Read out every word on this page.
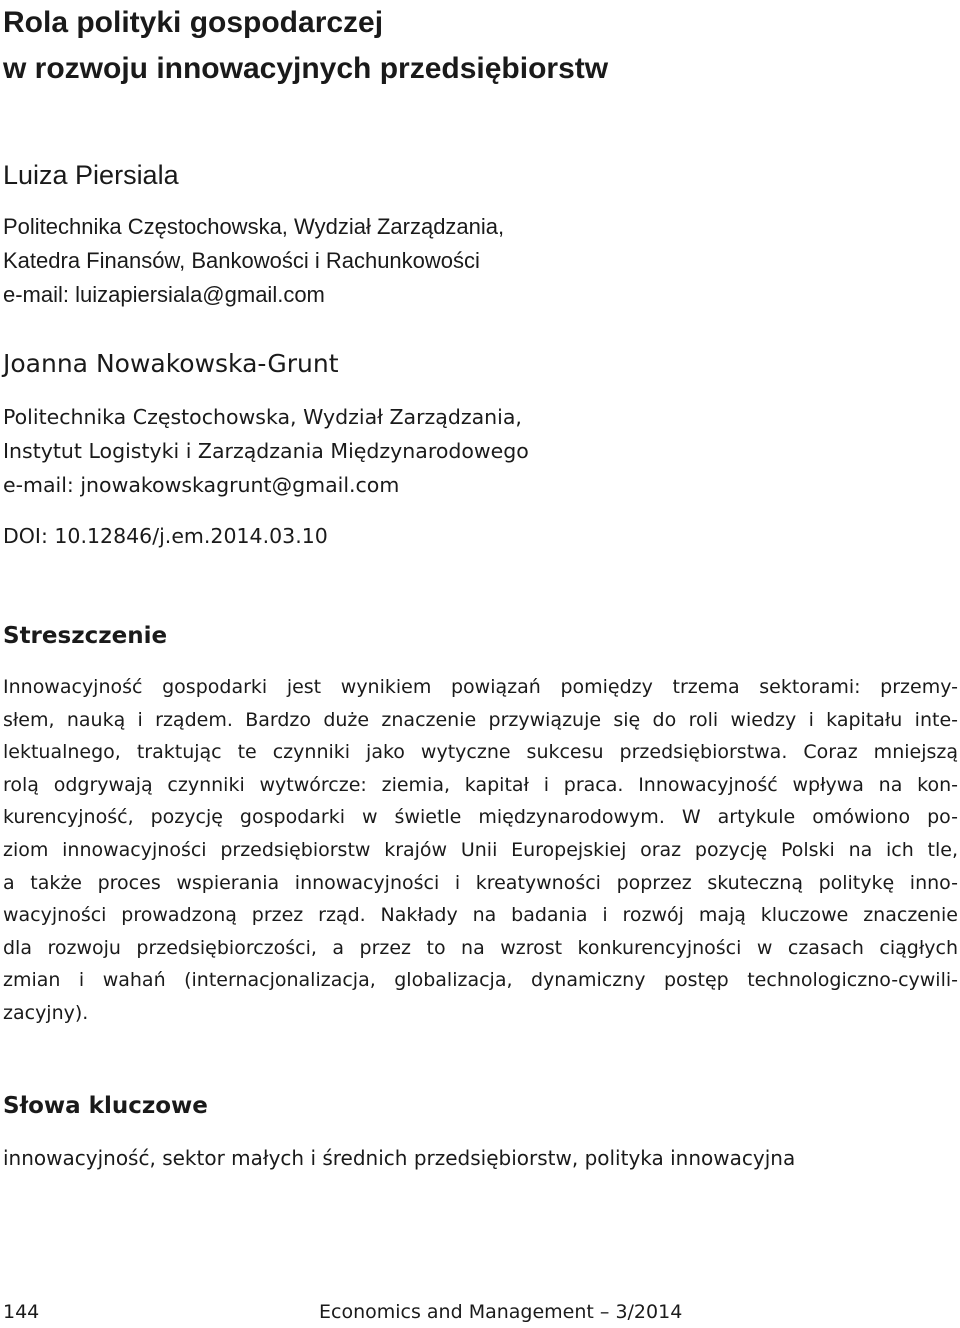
Rola polityki gospodarczej
w rozwoju innowacyjnych przedsiębiorstw

Luiza Piersiala

Politechnika Częstochowska, Wydział Zarządzania,
Katedra Finansów, Bankowości i Rachunkowości
e-mail: luizapiersiala@gmail.com

Joanna Nowakowska-Grunt

Politechnika Częstochowska, Wydział Zarządzania,
Instytut Logistyki i Zarządzania Międzynarodowego
e-mail: jnowakowskagrunt@gmail.com

DOI: 10.12846/j.em.2014.03.10

Streszczenie
Innowacyjność gospodarki jest wynikiem powiązań pomiędzy trzema sektorami: przemy-
słem, nauką i rządem. Bardzo duże znaczenie przywiązuje się do roli wiedzy i kapitału inte-
lektualnego, traktując te czynniki jako wytyczne sukcesu przedsiębiorstwa. Coraz mniejszą
rolą odgrywają czynniki wytwórcze: ziemia, kapitał i praca. Innowacyjność wpływa na kon-
kurencyjność, pozycję gospodarki w świetle międzynarodowym. W artykule omówiono po-
ziom innowacyjności przedsiębiorstw krajów Unii Europejskiej oraz pozycję Polski na ich tle,
a także proces wspierania innowacyjności i kreatywności poprzez skuteczną politykę inno-
wacyjności prowadzoną przez rząd. Nakłady na badania i rozwój mają kluczowe znaczenie
dla rozwoju przedsiębiorczości, a przez to na wzrost konkurencyjności w czasach ciągłych
zmian i wahań (internacjonalizacja, globalizacja, dynamiczny postęp technologiczno-cywili-
zacyjny).
Słowa kluczowe

innowacyjność, sektor małych i średnich przedsiębiorstw, polityka innowacyjna

144	Economics and Management – 3/2014
